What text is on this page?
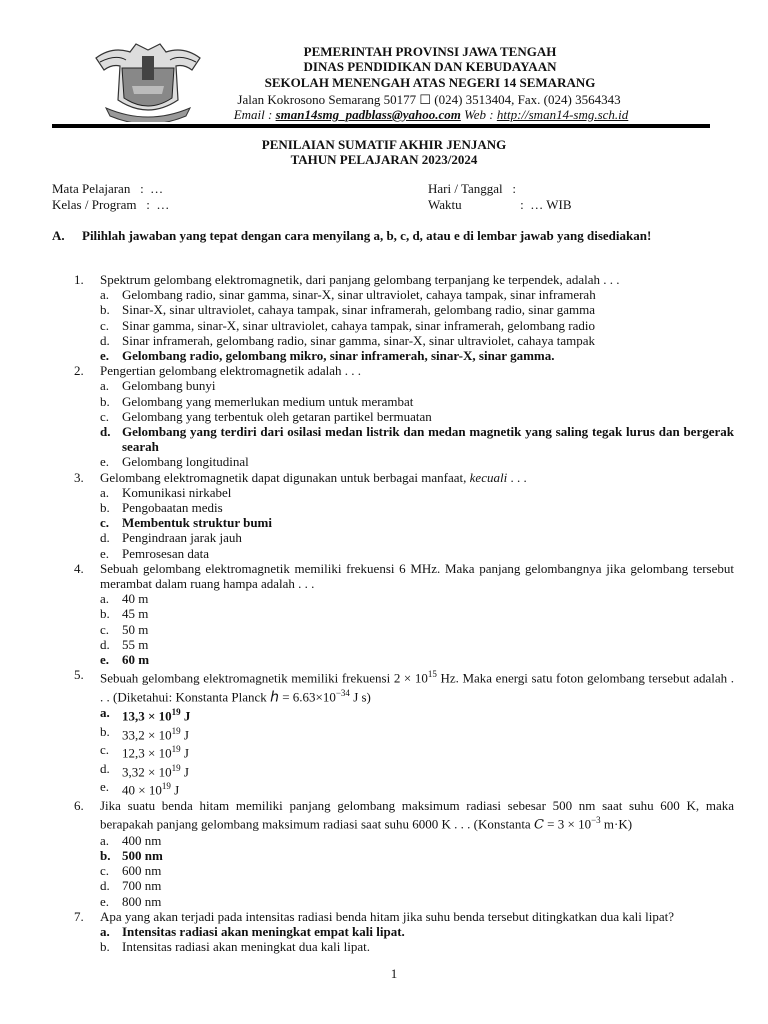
PEMERINTAH PROVINSI JAWA TENGAH
DINAS PENDIDIKAN DAN KEBUDAYAAN
SEKOLAH MENENGAH ATAS NEGERI 14 SEMARANG
Jalan Kokrosono Semarang 50177 ☐ (024) 3513404, Fax. (024) 3564343
Email : sman14smg_padblass@yahoo.com Web : http://sman14-smg.sch.id
PENILAIAN SUMATIF AKHIR JENJANG
TAHUN PELAJARAN 2023/2024
Mata Pelajaran   :  …
Kelas / Program   :  …
Hari / Tanggal   :
Waktu                  :  … WIB
A. Pilihlah jawaban yang tepat dengan cara menyilang a, b, c, d, atau e di lembar jawab yang disediakan!
1. Spektrum gelombang elektromagnetik, dari panjang gelombang terpanjang ke terpendek, adalah . . .
a. Gelombang radio, sinar gamma, sinar-X, sinar ultraviolet, cahaya tampak, sinar inframerah
b. Sinar-X, sinar ultraviolet, cahaya tampak, sinar inframerah, gelombang radio, sinar gamma
c. Sinar gamma, sinar-X, sinar ultraviolet, cahaya tampak, sinar inframerah, gelombang radio
d. Sinar inframerah, gelombang radio, sinar gamma, sinar-X, sinar ultraviolet, cahaya tampak
e. Gelombang radio, gelombang mikro, sinar inframerah, sinar-X, sinar gamma.
2. Pengertian gelombang elektromagnetik adalah . . .
a. Gelombang bunyi
b. Gelombang yang memerlukan medium untuk merambat
c. Gelombang yang terbentuk oleh getaran partikel bermuatan
d. Gelombang yang terdiri dari osilasi medan listrik dan medan magnetik yang saling tegak lurus dan bergerak searah
e. Gelombang longitudinal
3. Gelombang elektromagnetik dapat digunakan untuk berbagai manfaat, kecuali . . .
a. Komunikasi nirkabel
b. Pengobaatan medis
c. Membentuk struktur bumi
d. Pengindraan jarak jauh
e. Pemrosesan data
4. Sebuah gelombang elektromagnetik memiliki frekuensi 6 MHz. Maka panjang gelombangnya jika gelombang tersebut merambat dalam ruang hampa adalah . . .
a. 40 m
b. 45 m
c. 50 m
d. 55 m
e. 60 m
5. Sebuah gelombang elektromagnetik memiliki frekuensi $2 \times 10^{15}$ Hz. Maka energi satu foton gelombang tersebut adalah . . . (Diketahui: Konstanta Planck $h = 6.63\times 10^{-34}$ J s)
a. $13,3 \times 10^{19}$ J
b. $33,2 \times 10^{19}$ J
c. $12,3 \times 10^{19}$ J
d. $3,32 \times 10^{19}$ J
e. $40 \times 10^{19}$ J
6. Jika suatu benda hitam memiliki panjang gelombang maksimum radiasi sebesar 500 nm saat suhu 600 K, maka berapakah panjang gelombang maksimum radiasi saat suhu 6000 K . . . (Konstanta $C = 3 \times 10^{-3}$ m·K)
a. 400 nm
b. 500 nm
c. 600 nm
d. 700 nm
e. 800 nm
7. Apa yang akan terjadi pada intensitas radiasi benda hitam jika suhu benda tersebut ditingkatkan dua kali lipat?
a. Intensitas radiasi akan meningkat empat kali lipat.
b. Intensitas radiasi akan meningkat dua kali lipat.
1
